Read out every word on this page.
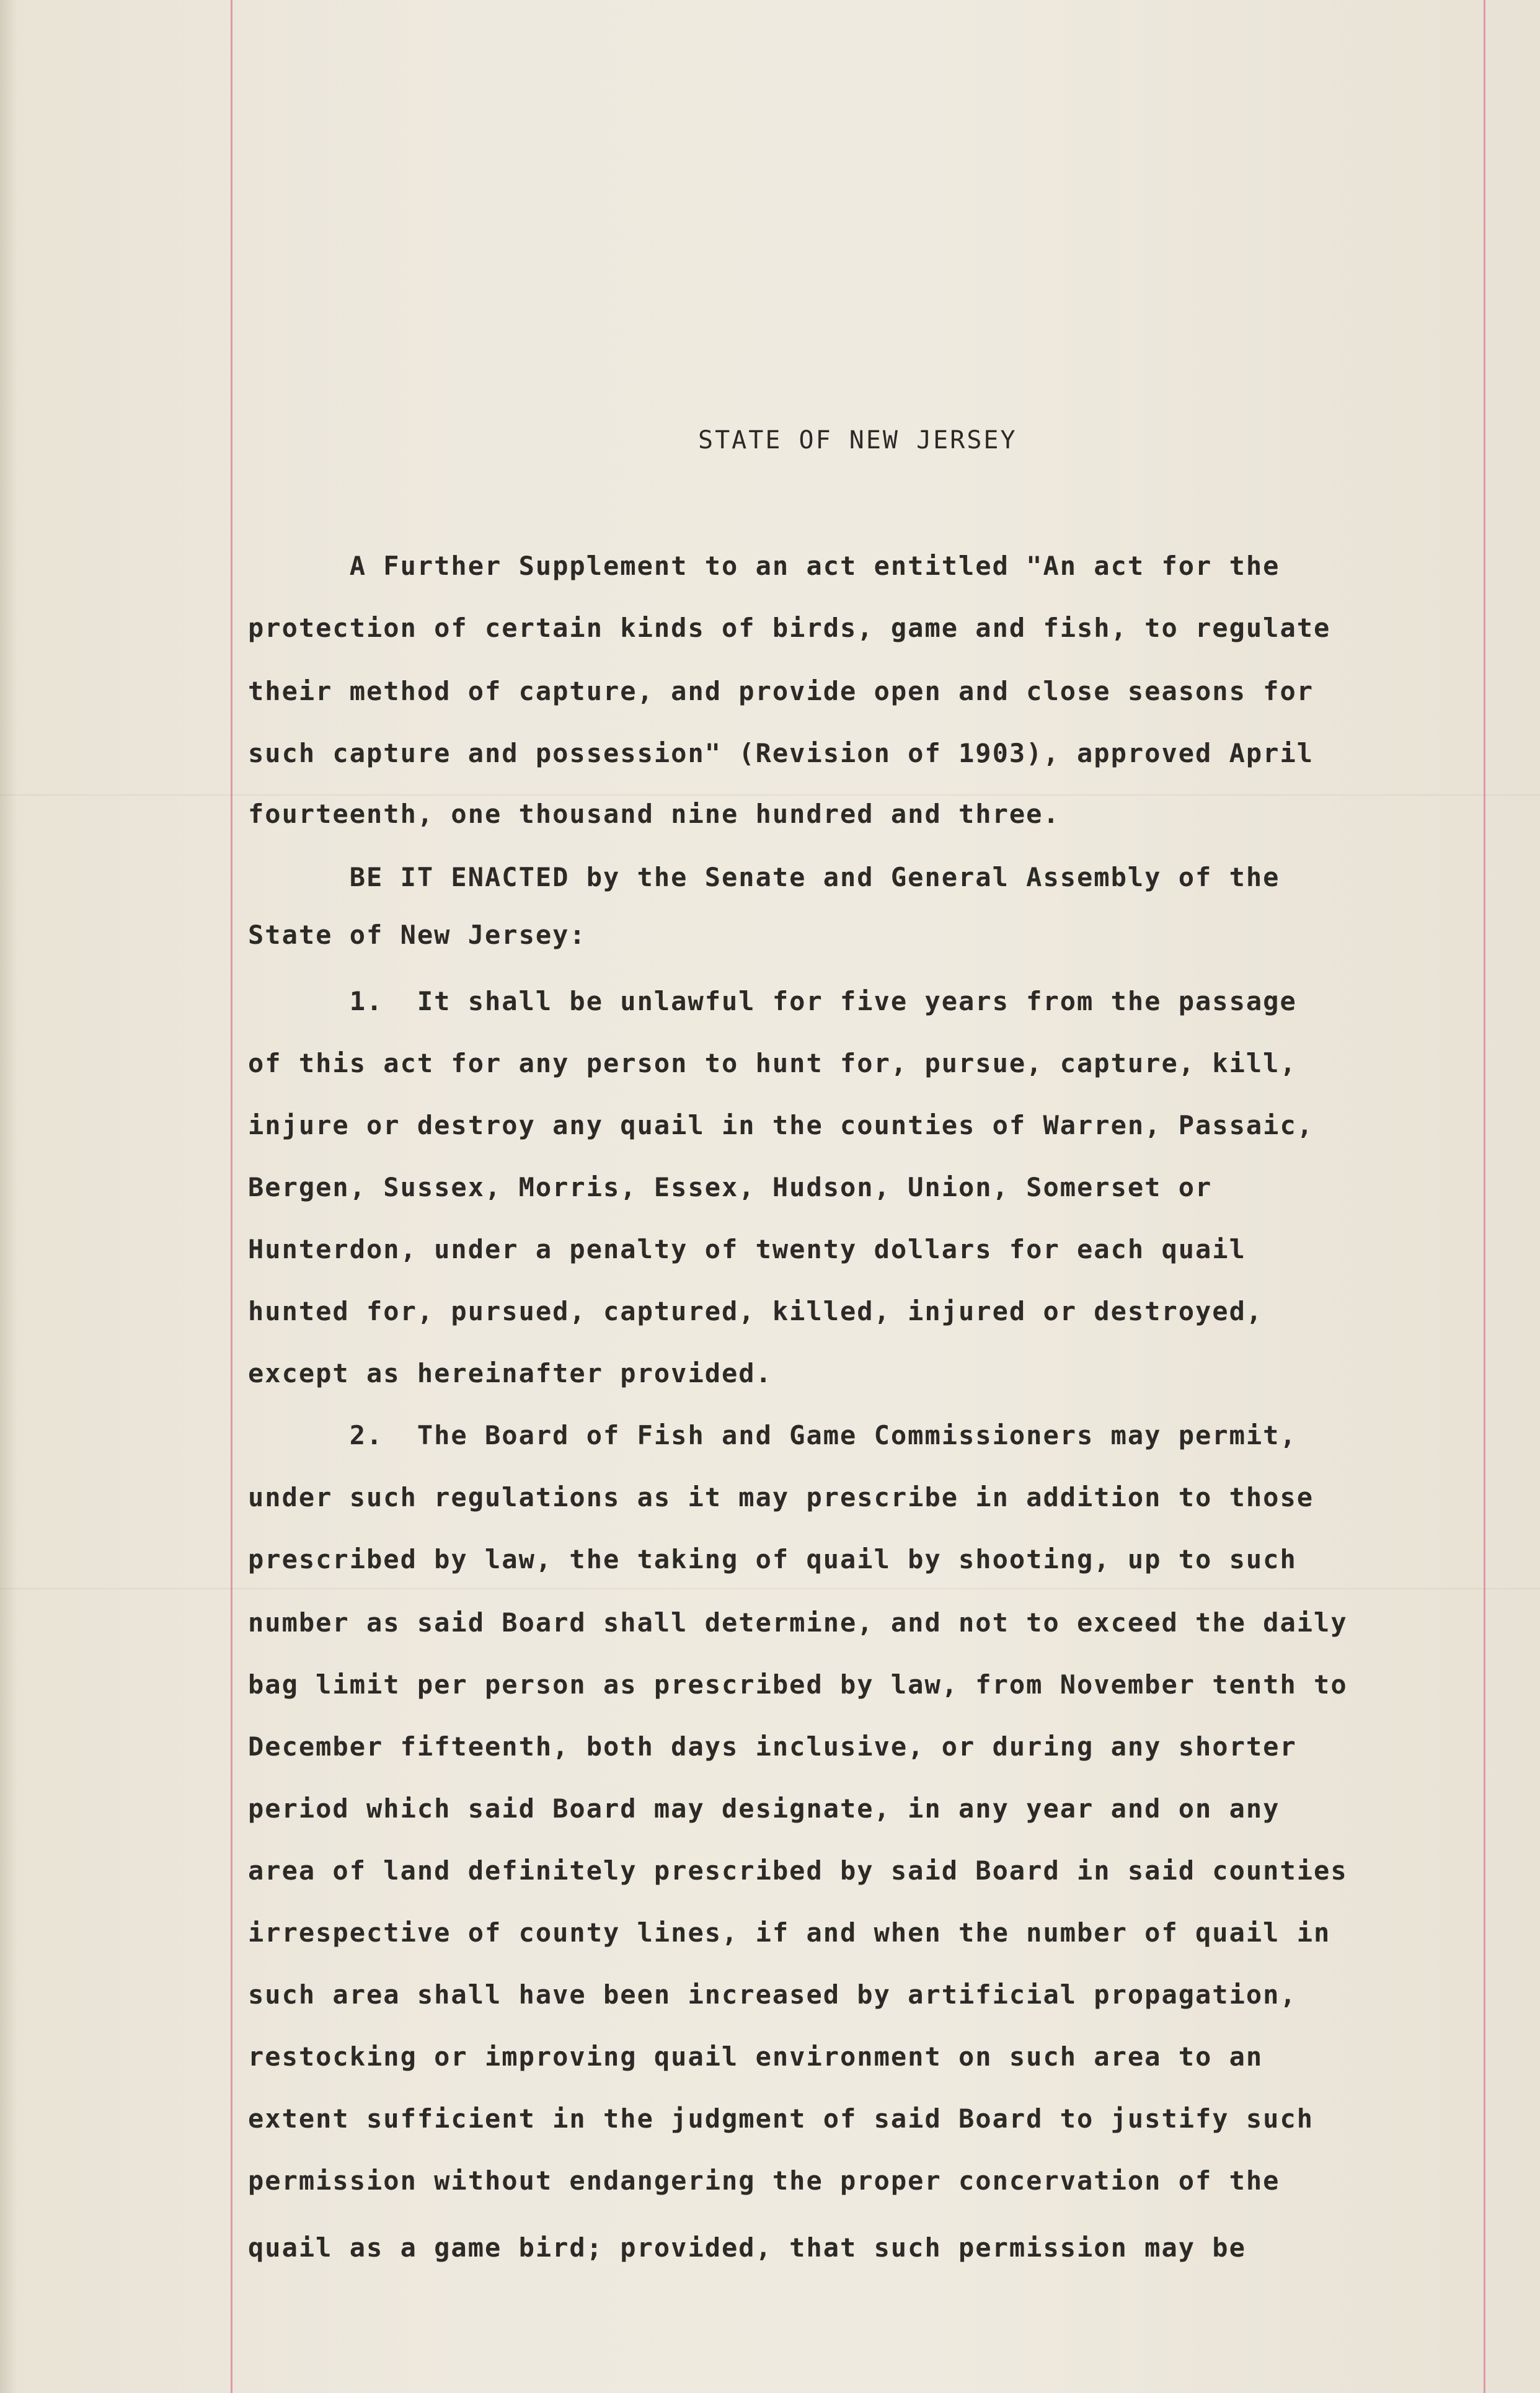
STATE OF NEW JERSEY

A Further Supplement to an act entitled "An act for the

protection of certain kinds of birds, game and fish, to regulate

their method of capture, and provide open and close seasons for

such capture and possession" (Revision of 1903), approved April

fourteenth, one thousand nine hundred and three.

BE IT ENACTED by the Senate and General Assembly of the

State of New Jersey:

1.  It shall be unlawful for five years from the passage

of this act for any person to hunt for, pursue, capture, kill,

injure or destroy any quail in the counties of Warren, Passaic,

Bergen, Sussex, Morris, Essex, Hudson, Union, Somerset or

Hunterdon, under a penalty of twenty dollars for each quail

hunted for, pursued, captured, killed, injured or destroyed,

except as hereinafter provided.

2.  The Board of Fish and Game Commissioners may permit,

under such regulations as it may prescribe in addition to those

prescribed by law, the taking of quail by shooting, up to such

number as said Board shall determine, and not to exceed the daily

bag limit per person as prescribed by law, from November tenth to

December fifteenth, both days inclusive, or during any shorter

period which said Board may designate, in any year and on any

area of land definitely prescribed by said Board in said counties

irrespective of county lines, if and when the number of quail in

such area shall have been increased by artificial propagation,

restocking or improving quail environment on such area to an

extent sufficient in the judgment of said Board to justify such

permission without endangering the proper concervation of the

quail as a game bird; provided, that such permission may be
